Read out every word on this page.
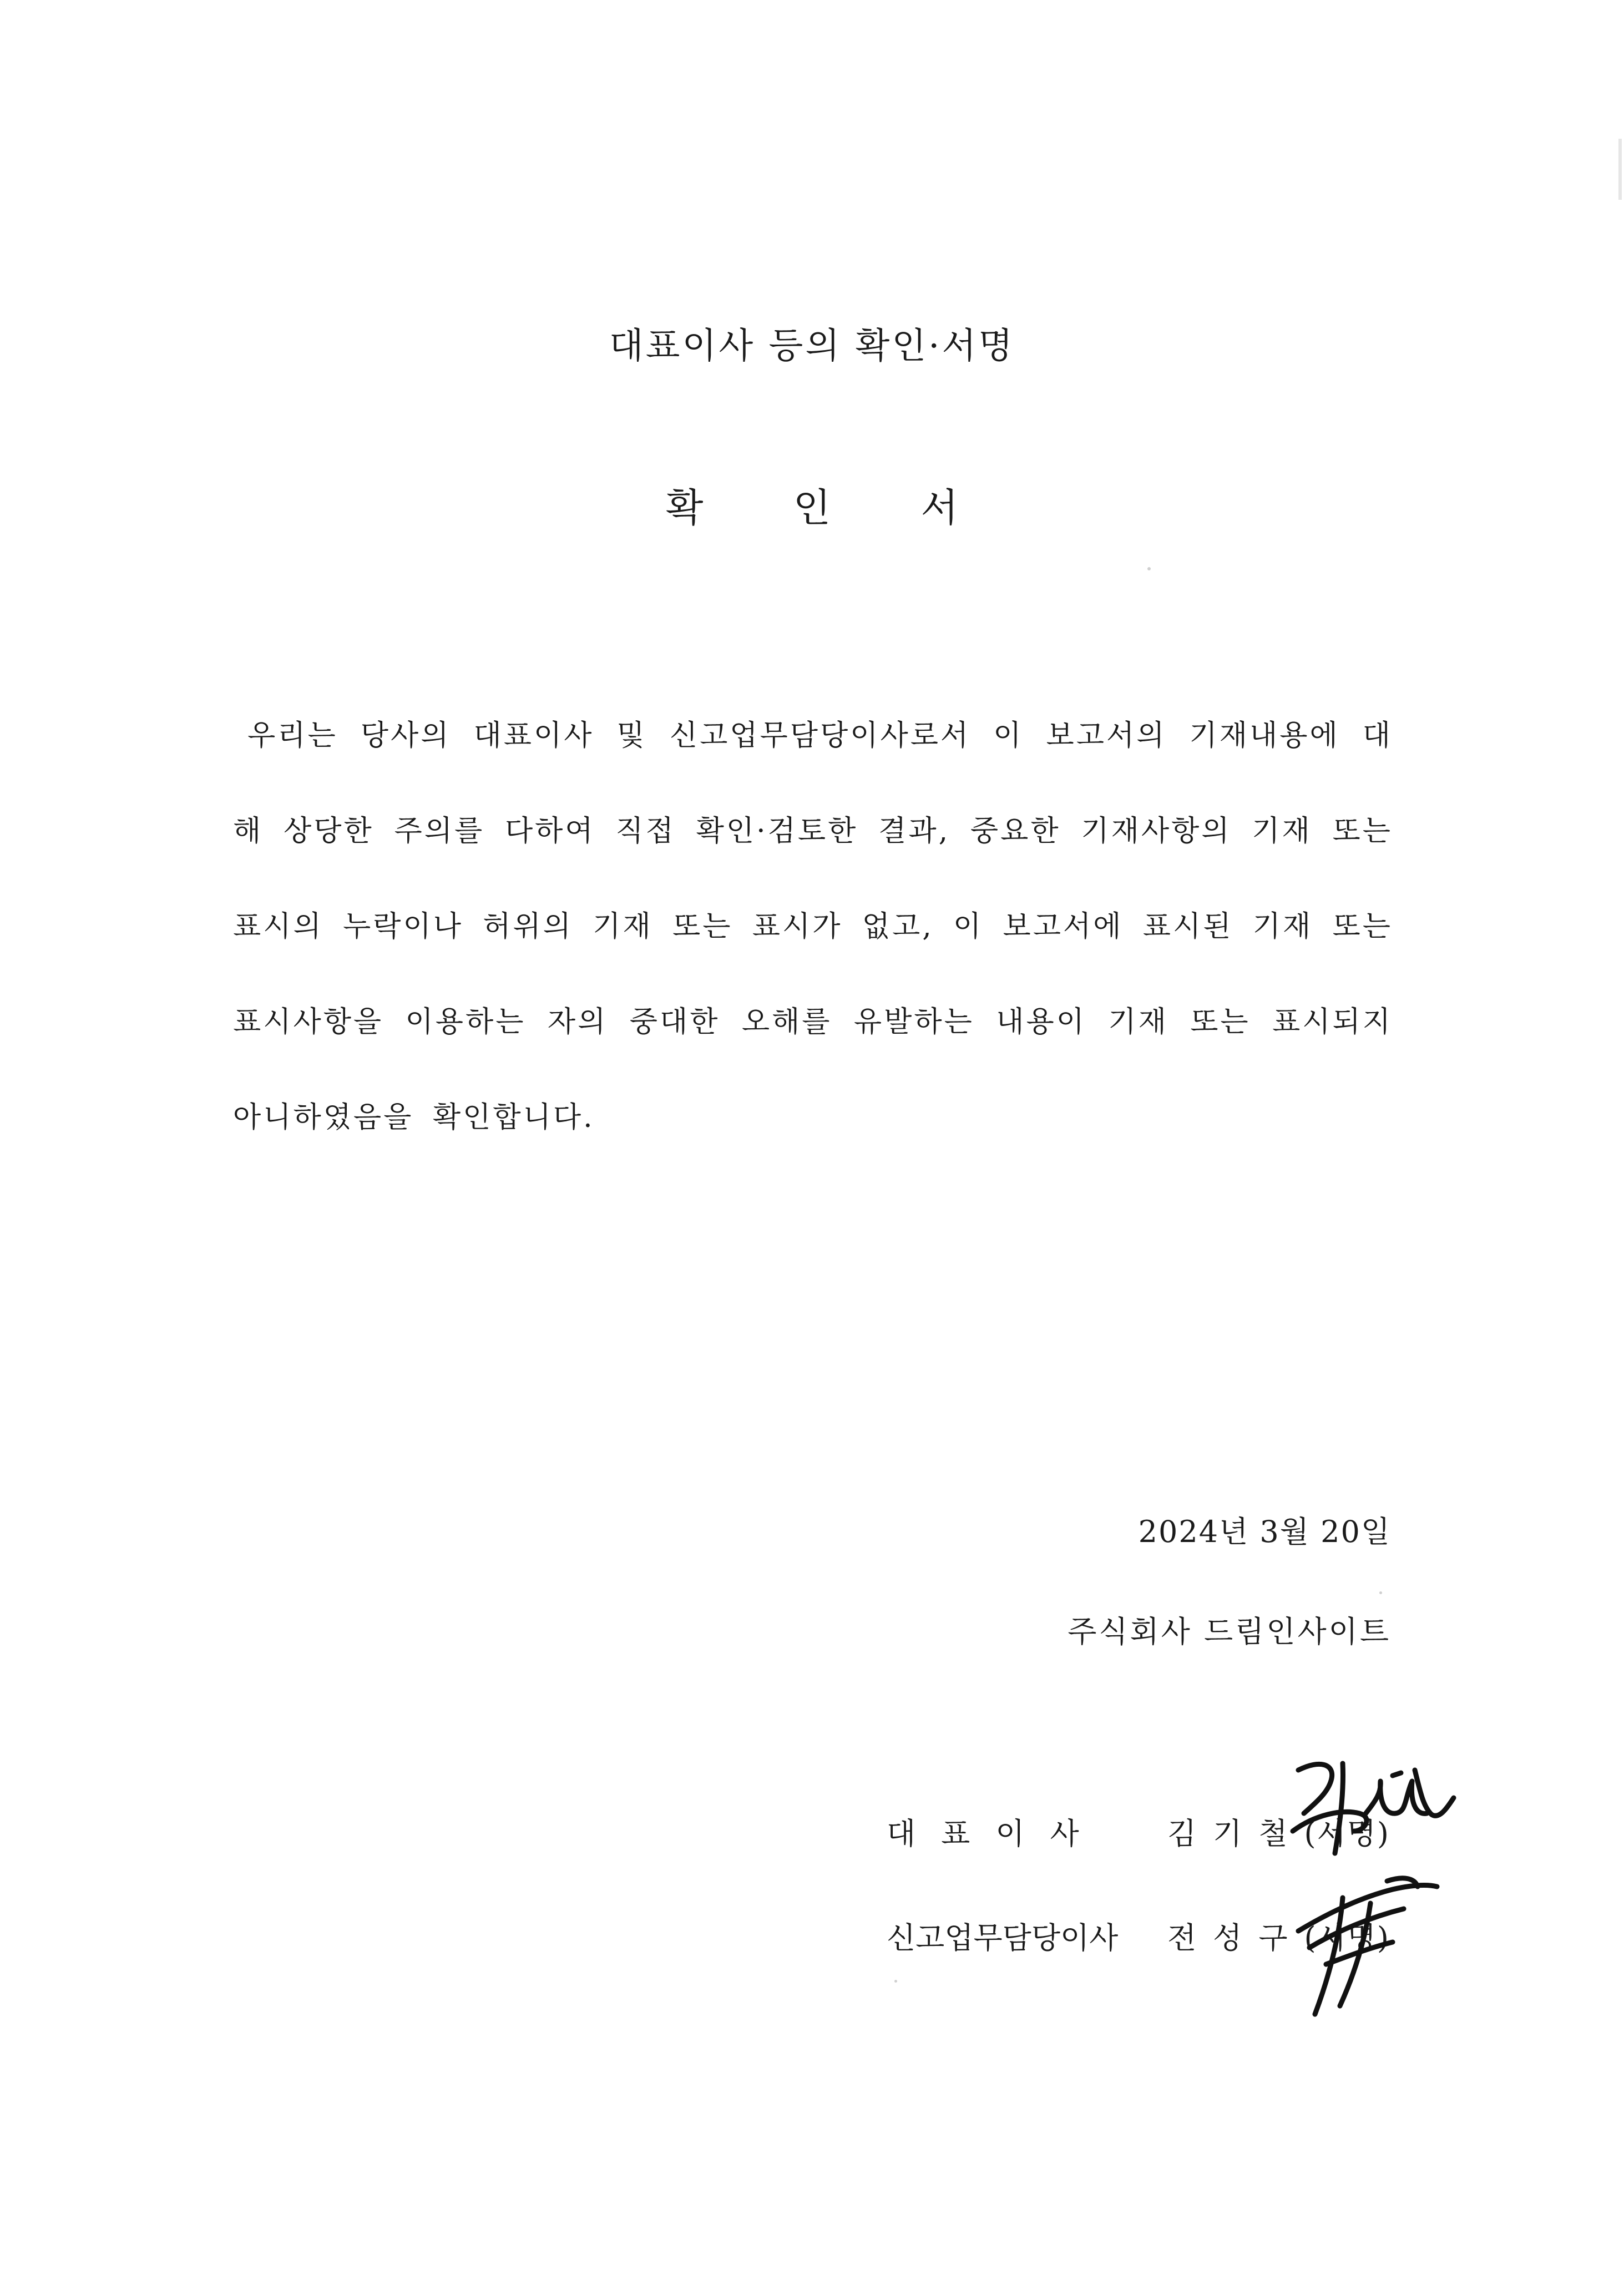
대표이사 등의 확인·서명
확 인 서
우리는 당사의 대표이사 및 신고업무담당이사로서 이 보고서의 기재내용에 대해 상당한 주의를 다하여 직접 확인·검토한 결과, 중요한 기재사항의 기재 또는 표시의 누락이나 허위의 기재 또는 표시가 없고, 이 보고서에 표시된 기재 또는 표시사항을 이용하는 자의 중대한 오해를 유발하는 내용이 기재 또는 표시되지 아니하였음을 확인합니다.
2024년 3월 20일
주식회사 드림인사이트
대표이사	김기철 (서명)
신고업무담당이사 전성구 (서명)
